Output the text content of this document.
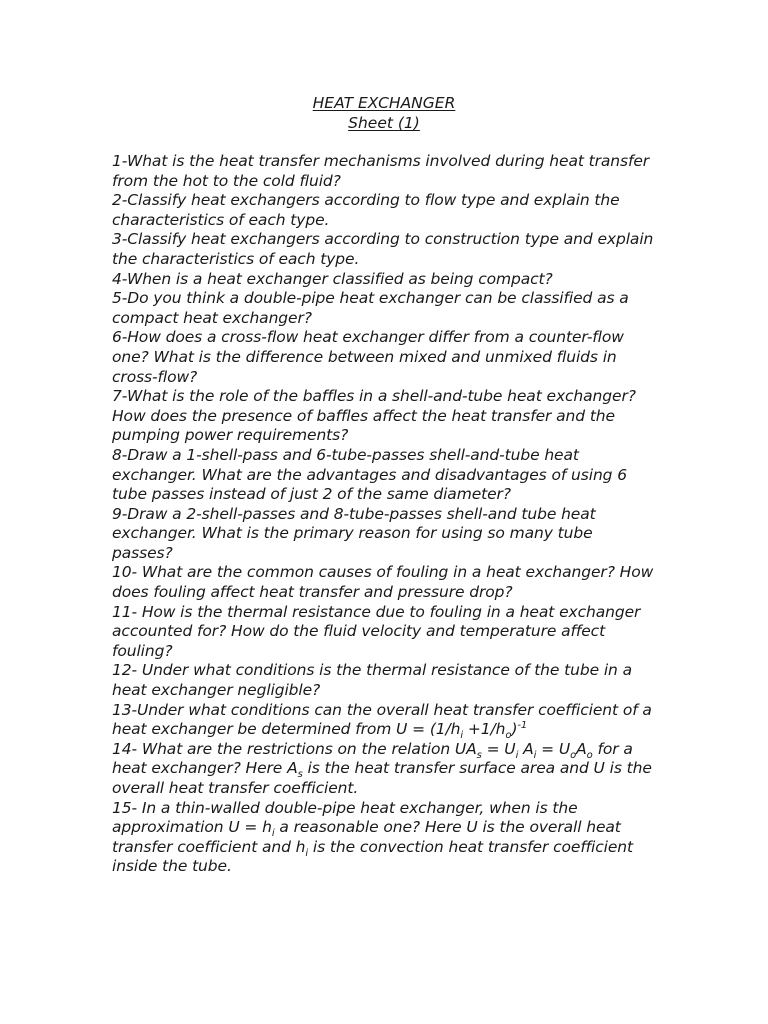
HEAT EXCHANGER
Sheet (1)

1-What is the heat transfer mechanisms involved during heat transfer from the hot to the cold fluid?

2-Classify heat exchangers according to flow type and explain the characteristics of each type.

3-Classify heat exchangers according to construction type and explain the characteristics of each type.

4-When is a heat exchanger classified as being compact?

5-Do you think a double-pipe heat exchanger can be classified as a compact heat exchanger?

6-How does a cross-flow heat exchanger differ from a counter-flow one? What is the difference between mixed and unmixed fluids in cross-flow?

7-What is the role of the baffles in a shell-and-tube heat exchanger? How does the presence of baffles affect the heat transfer and the pumping power requirements?

8-Draw a 1-shell-pass and 6-tube-passes shell-and-tube heat exchanger. What are the advantages and disadvantages of using 6 tube passes instead of just 2 of the same diameter?

9-Draw a 2-shell-passes and 8-tube-passes shell-and tube heat exchanger. What is the primary reason for using so many tube passes?

10- What are the common causes of fouling in a heat exchanger? How does fouling affect heat transfer and pressure drop?

11- How is the thermal resistance due to fouling in a heat exchanger accounted for? How do the fluid velocity and temperature affect fouling?

12- Under what conditions is the thermal resistance of the tube in a heat exchanger negligible?

13-Under what conditions can the overall heat transfer coefficient of a heat exchanger be determined from $U = (1/h_i +1/h_o)^{-1}$

14- What are the restrictions on the relation $UA_s = U_i$ $A_i = U_oA_o$ for a heat exchanger? Here $A_s$ is the heat transfer surface area and U is the overall heat transfer coefficient.

15- In a thin-walled double-pipe heat exchanger, when is the approximation $U = h_i$ a reasonable one? Here U is the overall heat transfer coefficient and $h_i$ is the convection heat transfer coefficient inside the tube.
